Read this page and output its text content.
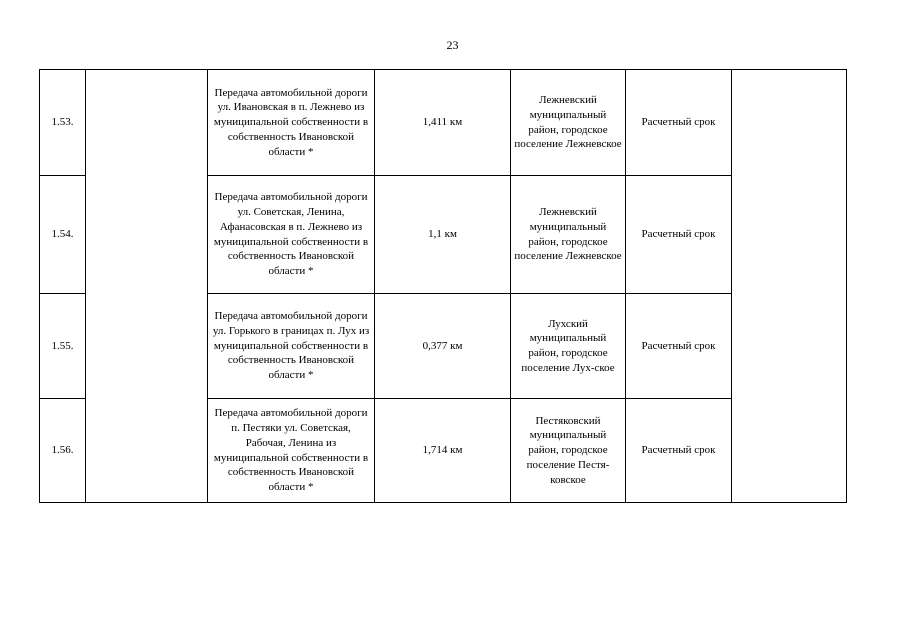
23
1.53.		Передача автомобильной дороги ул. Ивановская в п. Лежнево из муниципальной собственности в собственность Ивановской области *	1,411 км	Лежневский муниципальный район, городское поселение Лежневское	Расчетный срок	
1.54.		Передача автомобильной дороги ул. Советская, Ленина, Афанасовская в п. Лежнево из муниципальной собственности в собственность Ивановской области *	1,1 км	Лежневский муниципальный район, городское поселение Лежневское	Расчетный срок	
1.55.		Передача автомобильной дороги ул. Горького в границах п. Лух из муниципальной собственности в собственность Ивановской области *	0,377 км	Лухский муниципальный район, городское поселение Лух-ское	Расчетный срок	
1.56.		Передача автомобильной дороги п. Пестяки ул. Советская, Рабочая, Ленина из муниципальной собственности в собственность Ивановской области *	1,714 км	Пестяковский муниципальный район, городское поселение Пестя-ковское	Расчетный срок	
